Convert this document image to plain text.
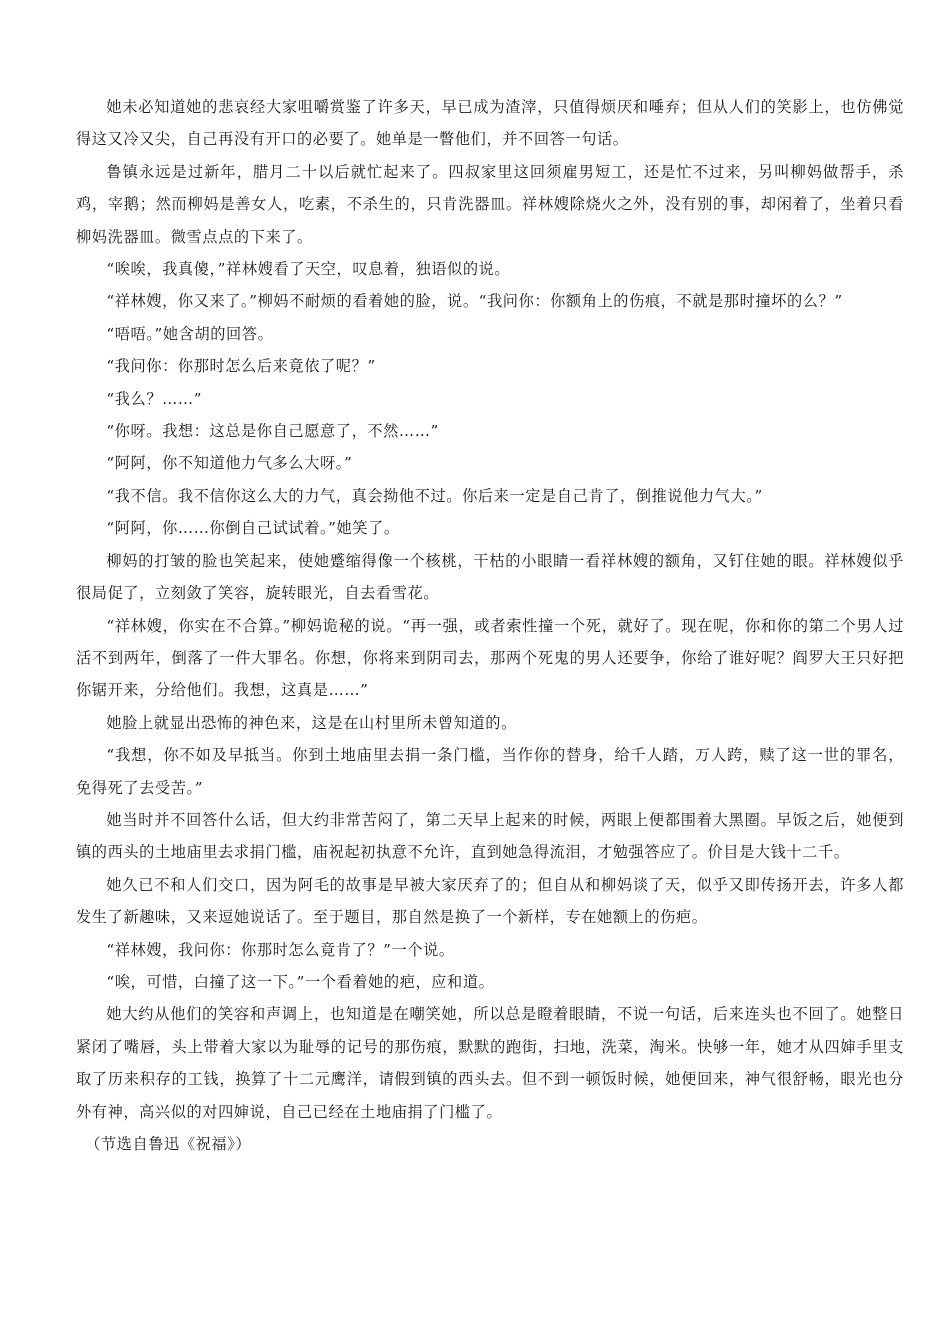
她未必知道她的悲哀经大家咀嚼赏鉴了许多天，早已成为渣滓，只值得烦厌和唾弃；但从人们的笑影上，也仿佛觉得这又冷又尖，自己再没有开口的必要了。她单是一瞥他们，并不回答一句话。

鲁镇永远是过新年，腊月二十以后就忙起来了。四叔家里这回须雇男短工，还是忙不过来，另叫柳妈做帮手，杀鸡，宰鹅；然而柳妈是善女人，吃素，不杀生的，只肯洗器皿。祥林嫂除烧火之外，没有别的事，却闲着了，坐着只看柳妈洗器皿。微雪点点的下来了。

“唉唉，我真傻，”祥林嫂看了天空，叹息着，独语似的说。

“祥林嫂，你又来了。”柳妈不耐烦的看着她的脸，说。“我问你：你额角上的伤痕，不就是那时撞坏的么？”

“唔唔。”她含胡的回答。

“我问你：你那时怎么后来竟依了呢？”

“我么？……”

“你呀。我想：这总是你自己愿意了，不然……”

“阿阿，你不知道他力气多么大呀。”

“我不信。我不信你这么大的力气，真会拗他不过。你后来一定是自己肯了，倒推说他力气大。”

“阿阿，你……你倒自己试试着。”她笑了。

柳妈的打皱的脸也笑起来，使她蹙缩得像一个核桃，干枯的小眼睛一看祥林嫂的额角，又钉住她的眼。祥林嫂似乎很局促了，立刻敛了笑容，旋转眼光，自去看雪花。

“祥林嫂，你实在不合算。”柳妈诡秘的说。“再一强，或者索性撞一个死，就好了。现在呢，你和你的第二个男人过活不到两年，倒落了一件大罪名。你想，你将来到阴司去，那两个死鬼的男人还要争，你给了谁好呢？阎罗大王只好把你锯开来，分给他们。我想，这真是……”

她脸上就显出恐怖的神色来，这是在山村里所未曾知道的。

“我想，你不如及早抵当。你到土地庙里去捐一条门槛，当作你的替身，给千人踏，万人跨，赎了这一世的罪名，免得死了去受苦。”

她当时并不回答什么话，但大约非常苦闷了，第二天早上起来的时候，两眼上便都围着大黑圈。早饭之后，她便到镇的西头的土地庙里去求捐门槛，庙祝起初执意不允许，直到她急得流泪，才勉强答应了。价目是大钱十二千。

她久已不和人们交口，因为阿毛的故事是早被大家厌弃了的；但自从和柳妈谈了天，似乎又即传扬开去，许多人都发生了新趣味，又来逗她说话了。至于题目，那自然是换了一个新样，专在她额上的伤疤。

“祥林嫂，我问你：你那时怎么竟肯了？”一个说。

“唉，可惜，白撞了这一下。”一个看着她的疤，应和道。

她大约从他们的笑容和声调上，也知道是在嘲笑她，所以总是瞪着眼睛，不说一句话，后来连头也不回了。她整日紧闭了嘴唇，头上带着大家以为耻辱的记号的那伤痕，默默的跑街，扫地，洗菜，淘米。快够一年，她才从四婶手里支取了历来积存的工钱，换算了十二元鹰洋，请假到镇的西头去。但不到一顿饭时候，她便回来，神气很舒畅，眼光也分外有神，高兴似的对四婶说，自己已经在土地庙捐了门槛了。

（节选自鲁迅《祝福》）
